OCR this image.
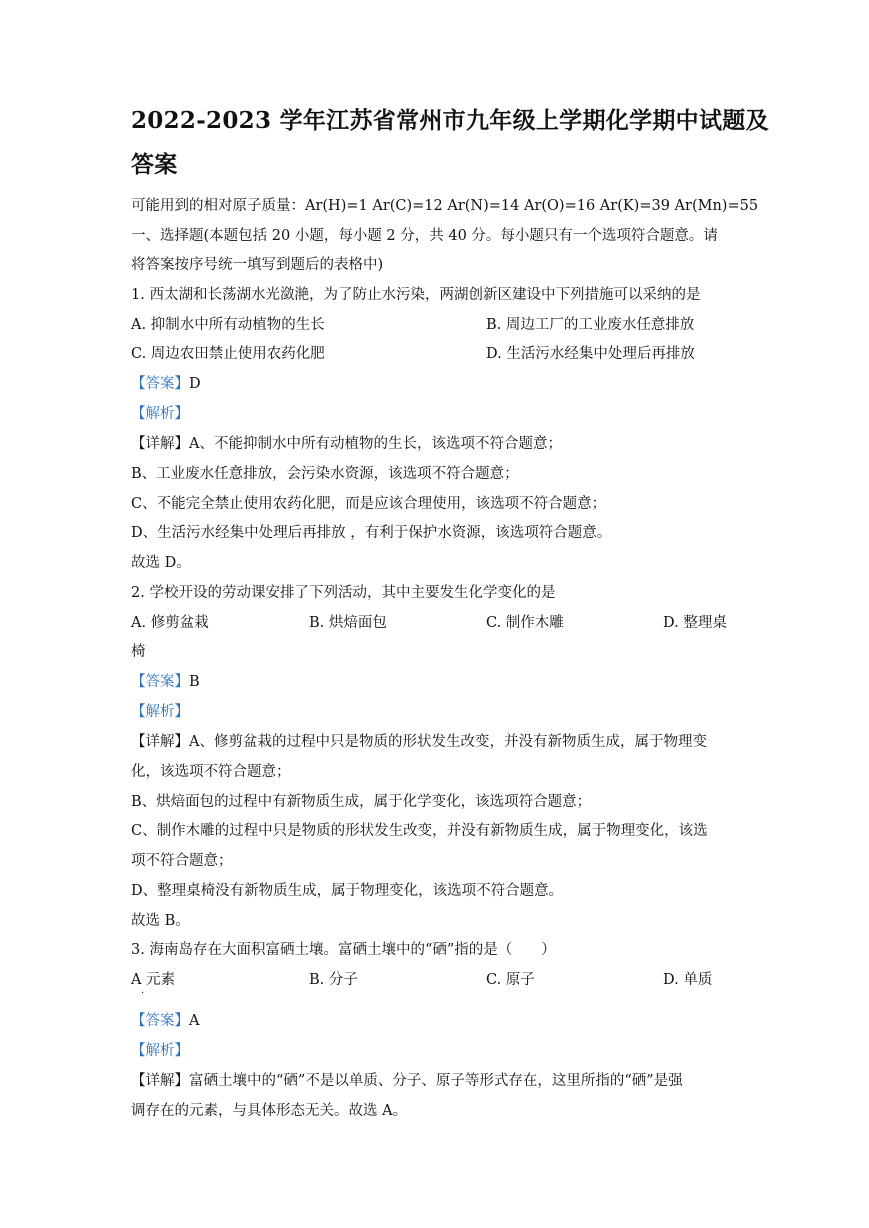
2022-2023 学年江苏省常州市九年级上学期化学期中试题及
答案

可能用到的相对原子质量：Ar(H)=1 Ar(C)=12 Ar(N)=14 Ar(O)=16 Ar(K)=39 Ar(Mn)=55

一、选择题(本题包括 20 小题，每小题 2 分，共 40 分。每小题只有一个选项符合题意。请

将答案按序号统一填写到题后的表格中)

1. 西太湖和长荡湖水光潋滟，为了防止水污染，两湖创新区建设中下列措施可以采纳的是

A. 抑制水中所有动植物的生长	B. 周边工厂的工业废水任意排放
C. 周边农田禁止使用农药化肥	D. 生活污水经集中处理后再排放

【答案】D

【解析】

【详解】A、不能抑制水中所有动植物的生长，该选项不符合题意；

B、工业废水任意排放，会污染水资源，该选项不符合题意；

C、不能完全禁止使用农药化肥，而是应该合理使用，该选项不符合题意；

D、生活污水经集中处理后再排放 ，有利于保护水资源，该选项符合题意。

故选 D。

2. 学校开设的劳动课安排了下列活动，其中主要发生化学变化的是

A. 修剪盆栽	B. 烘焙面包	C. 制作木雕	D. 整理桌

椅

【答案】B

【解析】

【详解】A、修剪盆栽的过程中只是物质的形状发生改变，并没有新物质生成，属于物理变

化，该选项不符合题意；

B、烘焙面包的过程中有新物质生成，属于化学变化，该选项符合题意；

C、制作木雕的过程中只是物质的形状发生改变，并没有新物质生成，属于物理变化，该选

项不符合题意；

D、整理桌椅没有新物质生成，属于物理变化，该选项不符合题意。

故选 B。

3. 海南岛存在大面积富硒土壤。富硒土壤中的“硒”指的是（　　）

A 元素
·
B. 分子	C. 原子	D. 单质

【答案】A

【解析】

【详解】富硒土壤中的“硒”不是以单质、分子、原子等形式存在，这里所指的“硒”是强

调存在的元素，与具体形态无关。故选 A。
